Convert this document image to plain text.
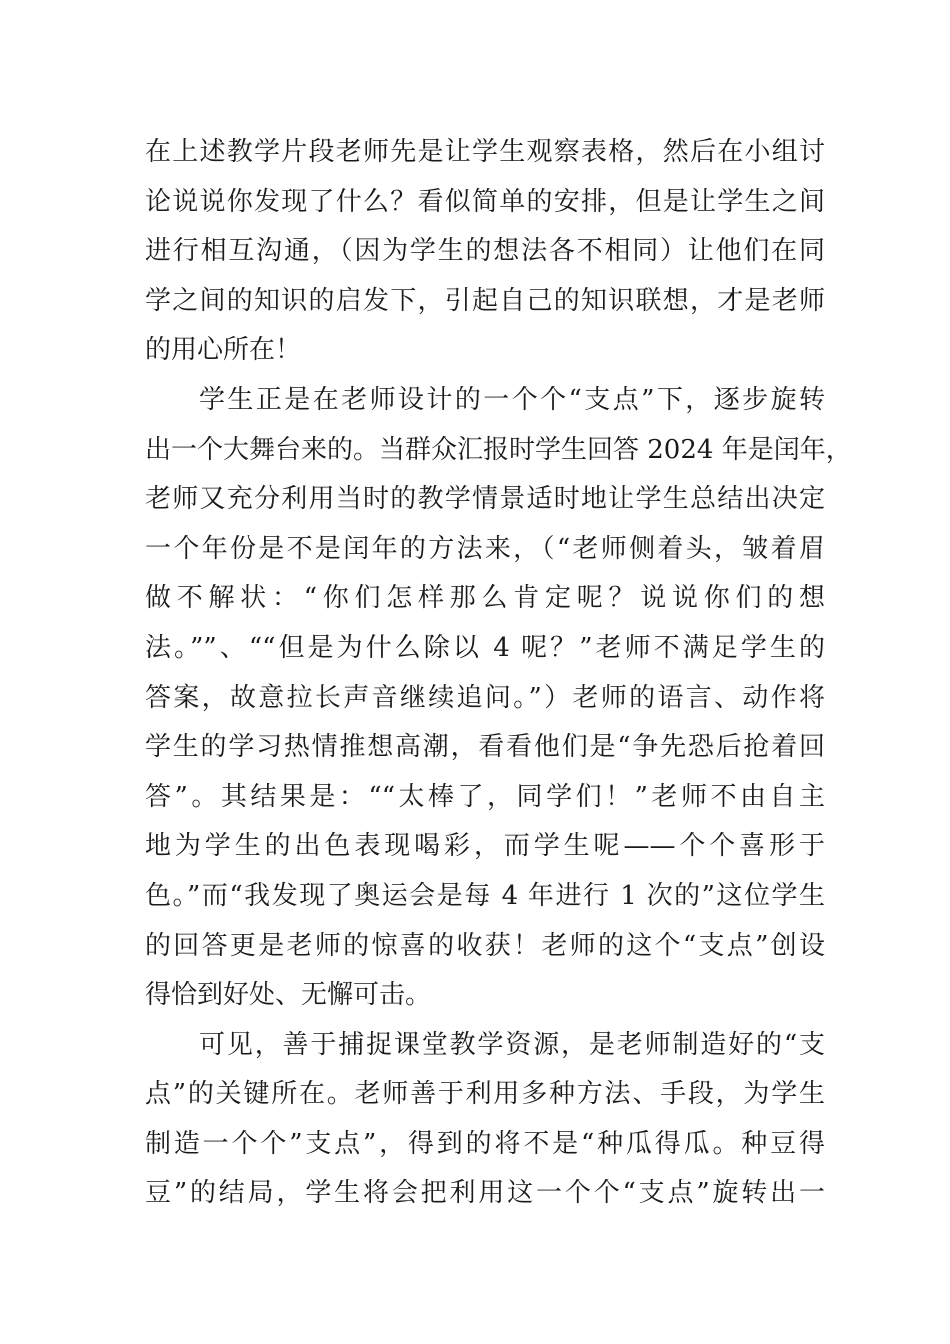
在上述教学片段老师先是让学生观察表格，然后在小组讨
论说说你发现了什么？看似简单的安排，但是让学生之间
进行相互沟通，（因为学生的想法各不相同）让他们在同
学之间的知识的启发下，引起自己的知识联想，才是老师
的用心所在！
学生正是在老师设计的一个个“支点”下，逐步旋转
出一个大舞台来的。当群众汇报时学生回答 2024 年是闰年，
老师又充分利用当时的教学情景适时地让学生总结出决定
一个年份是不是闰年的方法来，（“老师侧着头，皱着眉
做不解状：“你们怎样那么肯定呢？说说你们的想
法。””、““但是为什么除以 4 呢？”老师不满足学生的
答案，故意拉长声音继续追问。”）老师的语言、动作将
学生的学习热情推想高潮，看看他们是“争先恐后抢着回
答”。其结果是：““太棒了，同学们！”老师不由自主
地为学生的出色表现喝彩，而学生呢——个个喜形于
色。”而“我发现了奥运会是每 4 年进行 1 次的”这位学生
的回答更是老师的惊喜的收获！老师的这个“支点”创设
得恰到好处、无懈可击。
可见，善于捕捉课堂教学资源，是老师制造好的“支
点”的关键所在。老师善于利用多种方法、手段，为学生
制造一个个”支点”，得到的将不是“种瓜得瓜。种豆得
豆”的结局，学生将会把利用这一个个“支点”旋转出一
